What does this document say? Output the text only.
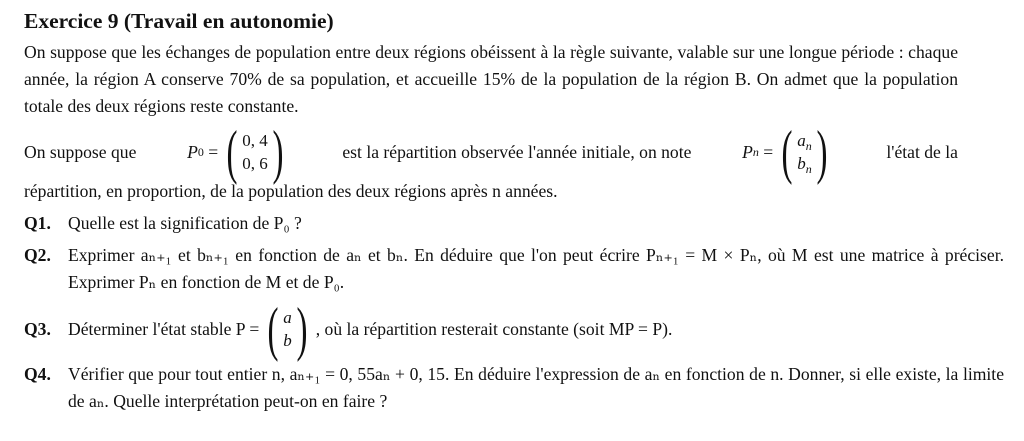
Exercice 9 (Travail en autonomie)

On suppose que les échanges de population entre deux régions obéissent à la règle suivante, valable sur une longue période : chaque année, la région A conserve 70% de sa population, et accueille 15% de la population de la région B. On admet que la population totale des deux régions reste constante.

On suppose que	P 0
= ( 0, 4
0, 6 )	est la répartition observée l'année initiale, on note	P n
= ( $a_n$
$b_n$ )	l'état de la

répartition, en proportion, de la population des deux régions après n années.

Q1. Quelle est la signification de P₀ ?

Q2. Exprimer aₙ₊₁ et bₙ₊₁ en fonction de aₙ et bₙ. En déduire que l'on peut écrire Pₙ₊₁ = M × Pₙ, où M est une matrice à préciser. Exprimer Pₙ en fonction de M et de P₀.

Q3. Déterminer l'état stable P = ( a
b ) , où la répartition resterait constante (soit MP = P).
Q4. Vérifier que pour tout entier n, aₙ₊₁ = 0, 55aₙ + 0, 15. En déduire l'expression de aₙ en fonction de n. Donner, si elle existe, la limite de aₙ. Quelle interprétation peut-on en faire ?
